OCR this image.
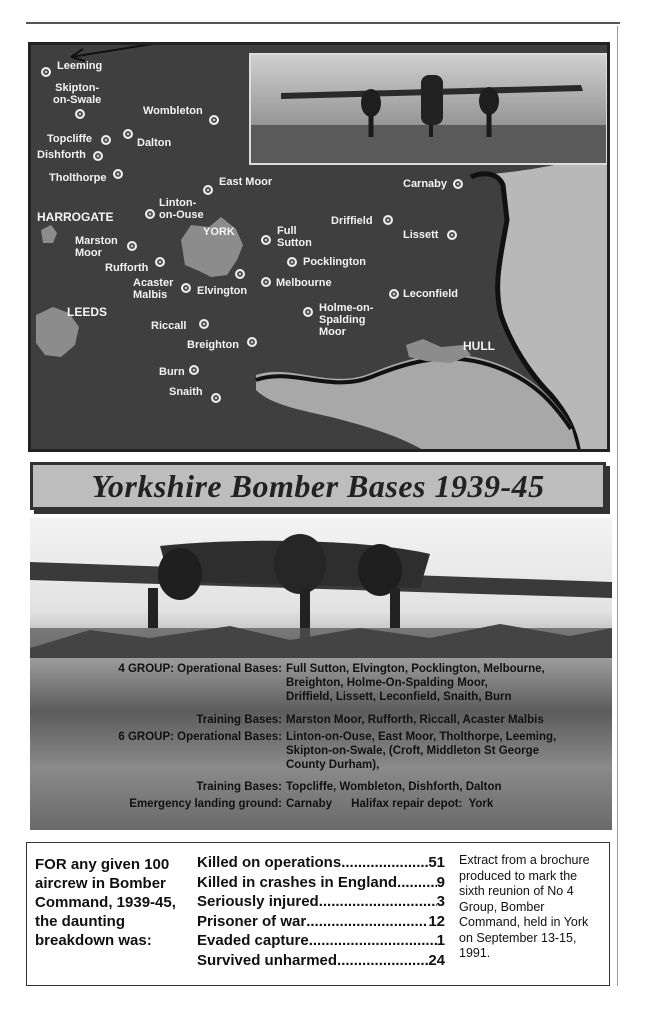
Leeming
Skipton-
on-Swale
Wombleton
Topcliffe	Dalton
Dishforth
Tholthorpe	East Moor
Linton-
on-Ouse
Carnaby
Driffield
Full
Sutton
Lissett
Marston
Moor
Rufforth	Pocklington
Acaster
Malbis	Elvington
Melbourne
Leconfield
Holme-on-
Spalding
Moor
Riccall
Breighton
Burn
Snaith
HARROGATE
YORK
LEEDS
HULL
Yorkshire Bomber Bases 1939-45
4 GROUP: Operational Bases: Full Sutton, Elvington, Pocklington, Melbourne,
Breighton, Holme-On-Spalding Moor,
Driffield, Lissett, Leconfield, Snaith, Burn
Training Bases: Marston Moor, Rufforth, Riccall, Acaster Malbis
6 GROUP: Operational Bases: Linton-on-Ouse, East Moor, Tholthorpe, Leeming,
Skipton-on-Swale, (Croft, Middleton St George
County Durham),
Training Bases: Topcliffe, Wombleton, Dishforth, Dalton
Emergency landing ground: Carnaby      Halifax repair depot:  York
FOR any given 100 aircrew in Bomber Command, 1939-45, the daunting breakdown was:
Killed on operations .....	51
Killed in crashes in England .....	9
Seriously injured .....	3
Prisoner of war .....	12
Evaded capture .....	1
Survived unharmed .....	24
Extract from a brochure produced to mark the sixth reunion of No 4 Group, Bomber Command, held in York on September 13-15, 1991.
